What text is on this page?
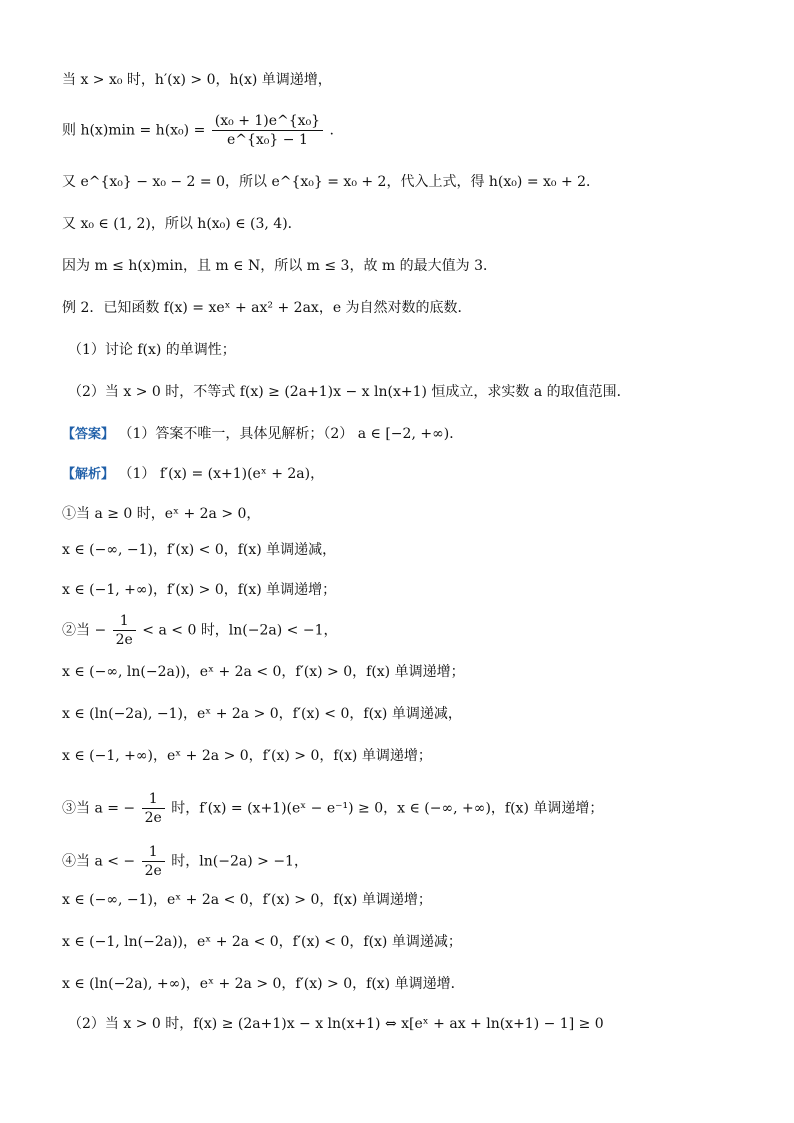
当 x > x₀ 时，h′(x) > 0，h(x) 单调递增，
则 $h(x)\min = h(x_0) = \frac{\text{(x₀ + 1)e\textasciicircum{}\{x₀\}}}{\text{e\textasciicircum{}\{x₀\} − 1}}$ .
又 e^{x₀} − x₀ − 2 = 0，所以 e^{x₀} = x₀ + 2，代入上式，得 h(x₀) = x₀ + 2．
又 x₀ ∈ (1, 2)，所以 h(x₀) ∈ (3, 4)．
因为 m ≤ h(x)min，且 m ∈ N，所以 m ≤ 3，故 m 的最大值为 3．
例 2．已知函数 f(x) = xeˣ + ax² + 2ax，e 为自然对数的底数．
（1）讨论 f(x) 的单调性；
（2）当 x > 0 时，不等式 f(x) ≥ (2a+1)x − x ln(x+1) 恒成立，求实数 a 的取值范围．
【答案】 （1）答案不唯一，具体见解析；（2） a ∈ [−2, +∞)．
【解析】 （1） f′(x) = (x+1)(eˣ + 2a)，
①当 a ≥ 0 时，eˣ + 2a > 0，
x ∈ (−∞, −1)，f′(x) < 0，f(x) 单调递减，
x ∈ (−1, +∞)，f′(x) > 0，f(x) 单调递增；
②当 − $\frac{1}{2e} < a < 0$ 时，ln(−2a) < −1，
x ∈ (−∞, ln(−2a))，eˣ + 2a < 0，f′(x) > 0，f(x) 单调递增；
x ∈ (ln(−2a), −1)，eˣ + 2a > 0，f′(x) < 0，f(x) 单调递减，
x ∈ (−1, +∞)，eˣ + 2a > 0，f′(x) > 0，f(x) 单调递增；
③当 a = − $\frac{1}{2e}$ 时，f′(x) = (x+1)(eˣ − e⁻¹) ≥ 0，x ∈ (−∞, +∞)，f(x) 单调递增；
④当 a < − $\frac{1}{2e}$ 时，ln(−2a) > −1，
x ∈ (−∞, −1)，eˣ + 2a < 0，f′(x) > 0，f(x) 单调递增；
x ∈ (−1, ln(−2a))，eˣ + 2a < 0，f′(x) < 0，f(x) 单调递减；
x ∈ (ln(−2a), +∞)，eˣ + 2a > 0，f′(x) > 0，f(x) 单调递增．
（2）当 x > 0 时，f(x) ≥ (2a+1)x − x ln(x+1) ⇔ x[eˣ + ax + ln(x+1) − 1] ≥ 0
